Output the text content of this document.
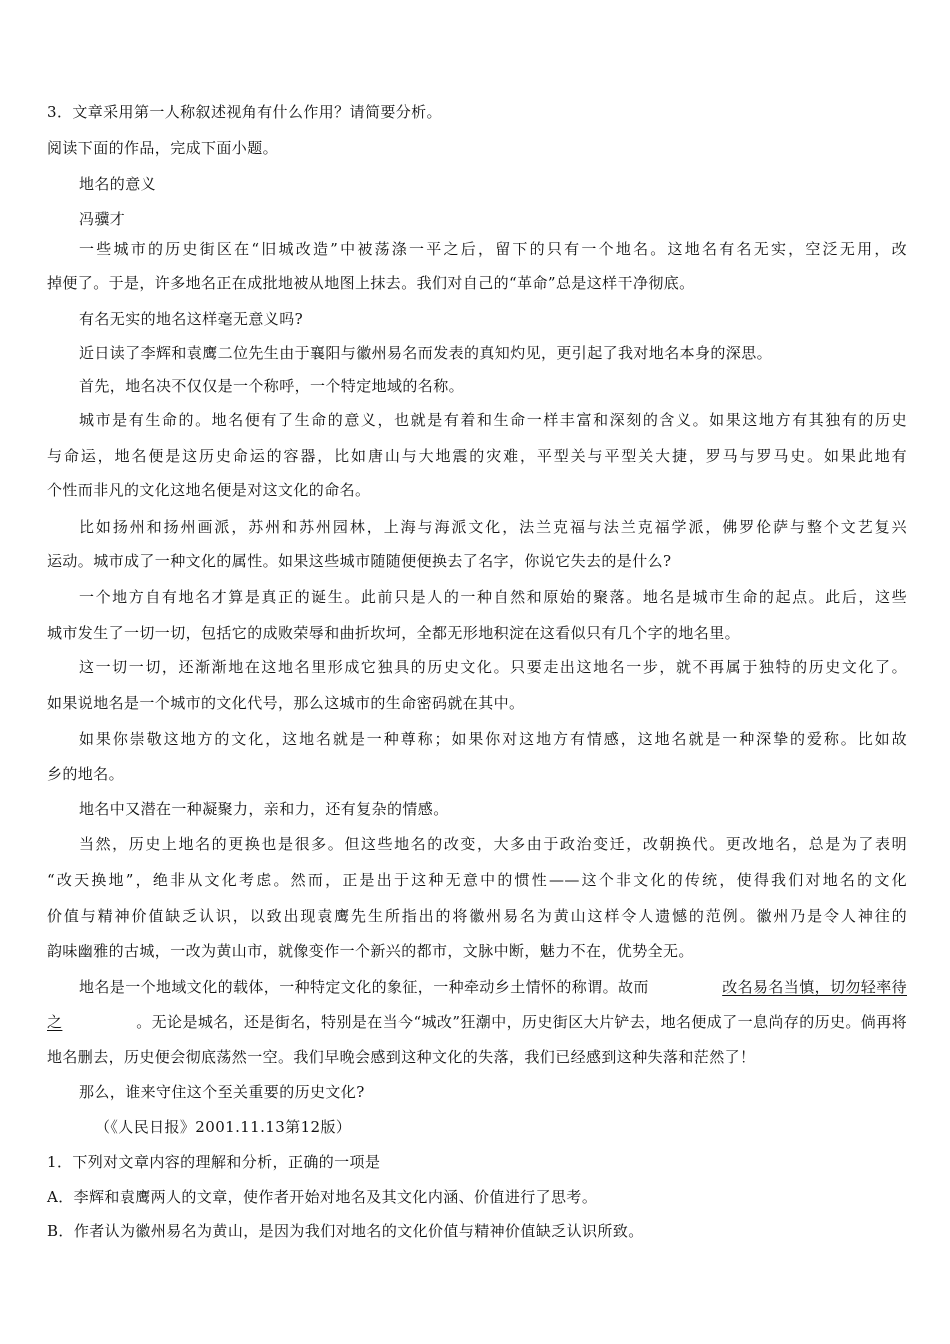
3．文章采用第一人称叙述视角有什么作用？请简要分析。
阅读下面的作品，完成下面小题。
地名的意义
冯骥才
一些城市的历史街区在“旧城改造”中被荡涤一平之后，留下的只有一个地名。这地名有名无实，空泛无用，改
掉便了。于是，许多地名正在成批地被从地图上抹去。我们对自己的“革命”总是这样干净彻底。
有名无实的地名这样毫无意义吗?
近日读了李辉和袁鹰二位先生由于襄阳与徽州易名而发表的真知灼见，更引起了我对地名本身的深思。
首先，地名决不仅仅是一个称呼，一个特定地域的名称。
城市是有生命的。地名便有了生命的意义，也就是有着和生命一样丰富和深刻的含义。如果这地方有其独有的历史
与命运，地名便是这历史命运的容器，比如唐山与大地震的灾难，平型关与平型关大捷，罗马与罗马史。如果此地有
个性而非凡的文化这地名便是对这文化的命名。
比如扬州和扬州画派，苏州和苏州园林，上海与海派文化，法兰克福与法兰克福学派，佛罗伦萨与整个文艺复兴
运动。城市成了一种文化的属性。如果这些城市随随便便换去了名字，你说它失去的是什么?
一个地方自有地名才算是真正的诞生。此前只是人的一种自然和原始的聚落。地名是城市生命的起点。此后，这些
城市发生了一切一切，包括它的成败荣辱和曲折坎坷，全都无形地积淀在这看似只有几个字的地名里。
这一切一切，还渐渐地在这地名里形成它独具的历史文化。只要走出这地名一步，就不再属于独特的历史文化了。
如果说地名是一个城市的文化代号，那么这城市的生命密码就在其中。
如果你崇敬这地方的文化，这地名就是一种尊称；如果你对这地方有情感，这地名就是一种深挚的爱称。比如故
乡的地名。
地名中又潜在一种凝聚力，亲和力，还有复杂的情感。
当然，历史上地名的更换也是很多。但这些地名的改变，大多由于政治变迁，改朝换代。更改地名，总是为了表明
“改天换地”，绝非从文化考虑。然而，正是出于这种无意中的惯性——这个非文化的传统，使得我们对地名的文化
价值与精神价值缺乏认识，以致出现袁鹰先生所指出的将徽州易名为黄山这样令人遗憾的范例。徽州乃是令人神往的
韵味幽雅的古城，一改为黄山市，就像变作一个新兴的都市，文脉中断，魅力不在，优势全无。
地名是一个地域文化的载体，一种特定文化的象征，一种牵动乡土情怀的称谓。故而	改名易名当慎，切勿轻率待
之	。无论是城名，还是街名，特别是在当今“城改”狂潮中，历史街区大片铲去，地名便成了一息尚存的历史。倘再将
地名删去，历史便会彻底荡然一空。我们早晚会感到这种文化的失落，我们已经感到这种失落和茫然了！
那么，谁来守住这个至关重要的历史文化?
（《人民日报》2001.11.13第12版）
1．下列对文章内容的理解和分析，正确的一项是
A．李辉和袁鹰两人的文章，使作者开始对地名及其文化内涵、价值进行了思考。
B．作者认为徽州易名为黄山，是因为我们对地名的文化价值与精神价值缺乏认识所致。
